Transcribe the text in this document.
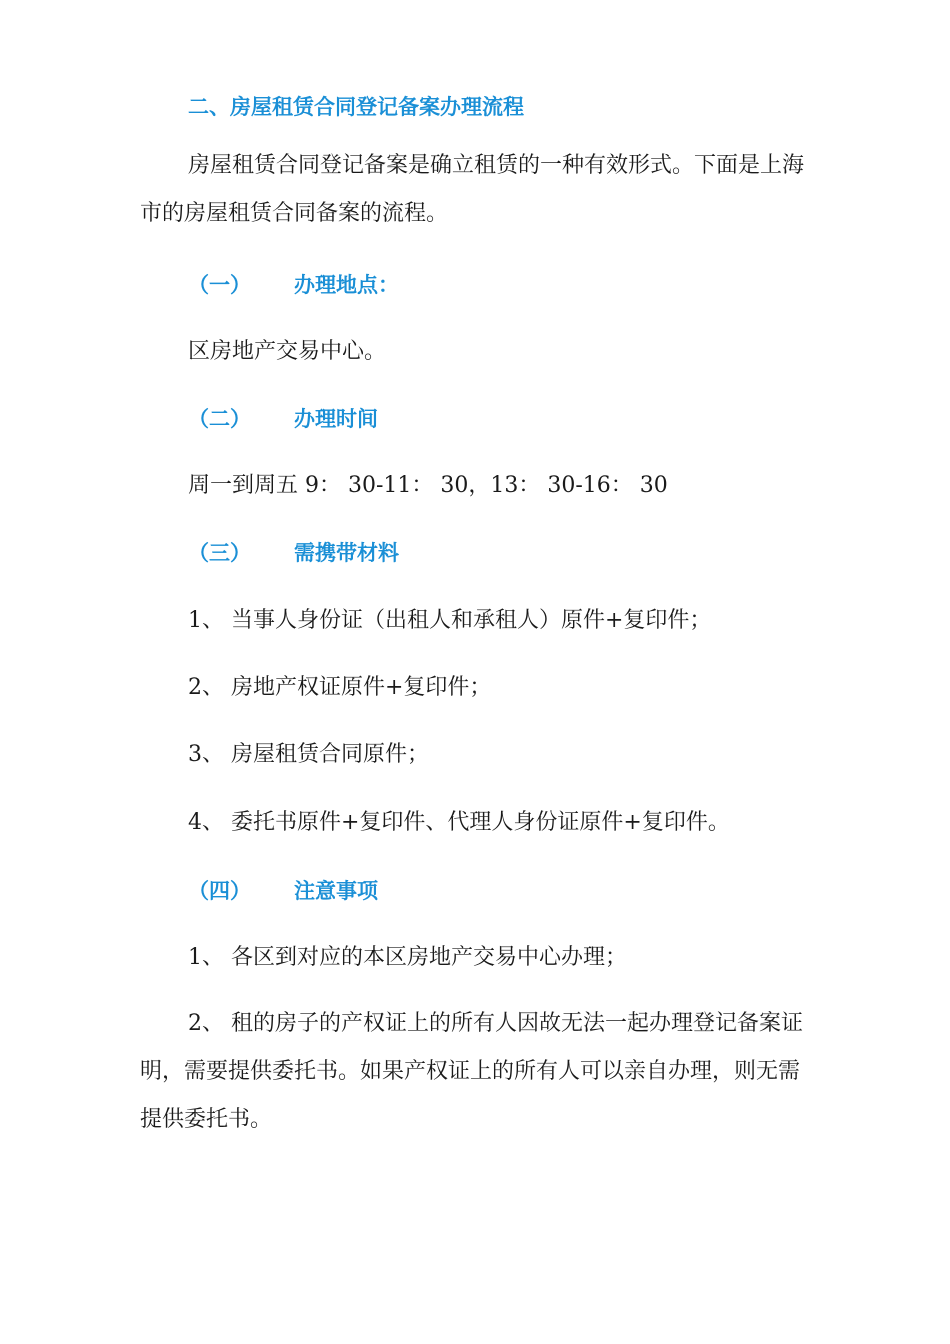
二、房屋租赁合同登记备案办理流程
房屋租赁合同登记备案是确立租赁的一种有效形式。下面是上海市的房屋租赁合同备案的流程。
（一） 办理地点：
区房地产交易中心。
（二） 办理时间
周一到周五 9： 30-11： 30，13： 30-16： 30
（三） 需携带材料
1、 当事人身份证（出租人和承租人）原件+复印件；
2、 房地产权证原件+复印件；
3、 房屋租赁合同原件；
4、 委托书原件+复印件、代理人身份证原件+复印件。
（四） 注意事项
1、 各区到对应的本区房地产交易中心办理；
2、 租的房子的产权证上的所有人因故无法一起办理登记备案证明，需要提供委托书。如果产权证上的所有人可以亲自办理，则无需提供委托书。
